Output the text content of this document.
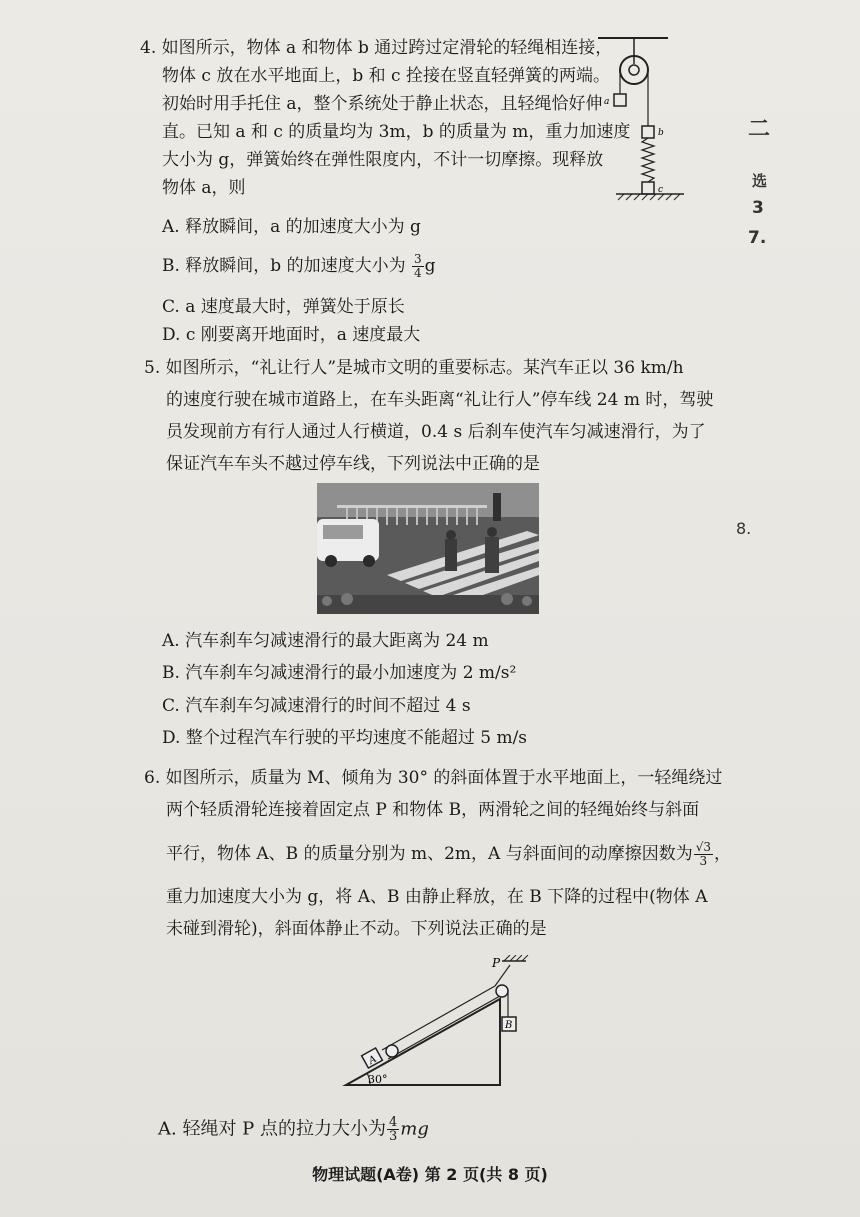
4. 如图所示，物体 a 和物体 b 通过跨过定滑轮的轻绳相连接，
物体 c 放在水平地面上，b 和 c 拴接在竖直轻弹簧的两端。
初始时用手托住 a，整个系统处于静止状态，且轻绳恰好伸
直。已知 a 和 c 的质量均为 3m，b 的质量为 m，重力加速度
大小为 g，弹簧始终在弹性限度内，不计一切摩擦。现释放
物体 a，则
A. 释放瞬间，a 的加速度大小为 g
B. 释放瞬间，b 的加速度大小为 $\frac{3}{4}$ g
C. a 速度最大时，弹簧处于原长
D. c 刚要离开地面时，a 速度最大
a
b
c
二
选
3
7.
8.
5. 如图所示，“礼让行人”是城市文明的重要标志。某汽车正以 36 km/h
的速度行驶在城市道路上，在车头距离“礼让行人”停车线 24 m 时，驾驶
员发现前方有行人通过人行横道，0.4 s 后刹车使汽车匀减速滑行，为了
保证汽车车头不越过停车线，下列说法中正确的是
A. 汽车刹车匀减速滑行的最大距离为 24 m
B. 汽车刹车匀减速滑行的最小加速度为 2 m/s²
C. 汽车刹车匀减速滑行的时间不超过 4 s
D. 整个过程汽车行驶的平均速度不能超过 5 m/s
6. 如图所示，质量为 M、倾角为 30° 的斜面体置于水平地面上，一轻绳绕过
两个轻质滑轮连接着固定点 P 和物体 B，两滑轮之间的轻绳始终与斜面
平行，物体 A、B 的质量分别为 m、2m，A 与斜面间的动摩擦因数为 $\frac{√3}{3}$ ，
重力加速度大小为 g，将 A、B 由静止释放，在 B 下降的过程中(物体 A
未碰到滑轮)，斜面体静止不动。下列说法正确的是
30°
A
P
B
A. 轻绳对 P 点的拉力大小为 $\frac{4}{3}$ mg
物理试题(A卷) 第 2 页(共 8 页)
